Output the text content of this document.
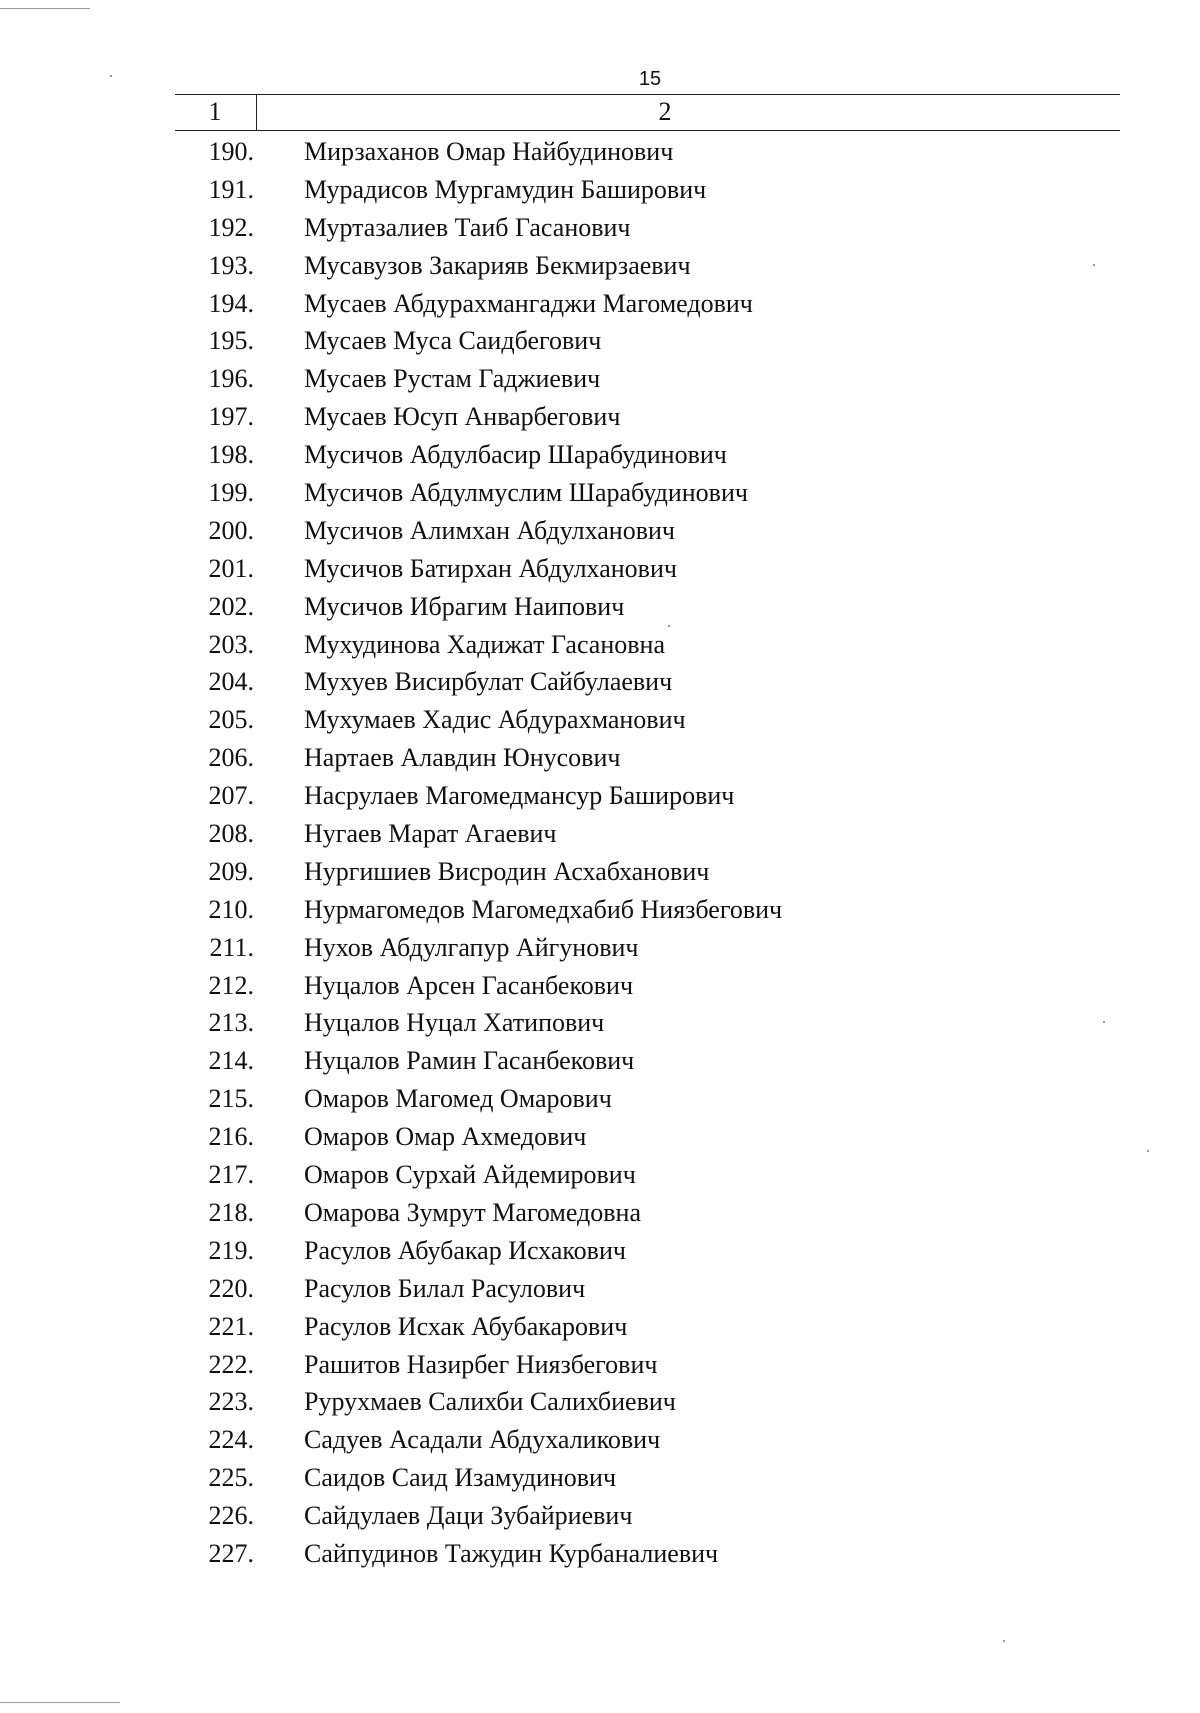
15
1	2
190. Мирзаханов Омар Найбудинович
191. Мурадисов Мургамудин Баширович
192. Муртазалиев Таиб Гасанович
193. Мусавузов Закарияв Бекмирзаевич
194. Мусаев Абдурахмангаджи Магомедович
195. Мусаев Муса Саидбегович
196. Мусаев Рустам Гаджиевич
197. Мусаев Юсуп Анварбегович
198. Мусичов Абдулбасир Шарабудинович
199. Мусичов Абдулмуслим Шарабудинович
200. Мусичов Алимхан Абдулханович
201. Мусичов Батирхан Абдулханович
202. Мусичов Ибрагим Наипович
203. Мухудинова Хадижат Гасановна
204. Мухуев Висирбулат Сайбулаевич
205. Мухумаев Хадис Абдурахманович
206. Нартаев Алавдин Юнусович
207. Насрулаев Магомедмансур Баширович
208. Нугаев Марат Агаевич
209. Нургишиев Висродин Асхабханович
210. Нурмагомедов Магомедхабиб Ниязбегович
211. Нухов Абдулгапур Айгунович
212. Нуцалов Арсен Гасанбекович
213. Нуцалов Нуцал Хатипович
214. Нуцалов Рамин Гасанбекович
215. Омаров Магомед Омарович
216. Омаров Омар Ахмедович
217. Омаров Сурхай Айдемирович
218. Омарова Зумрут Магомедовна
219. Расулов Абубакар Исхакович
220. Расулов Билал Расулович
221. Расулов Исхак Абубакарович
222. Рашитов Назирбег Ниязбегович
223. Рурухмаев Салихби Салихбиевич
224. Садуев Асадали Абдухаликович
225. Саидов Саид Изамудинович
226. Сайдулаев Даци Зубайриевич
227. Сайпудинов Тажудин Курбаналиевич
